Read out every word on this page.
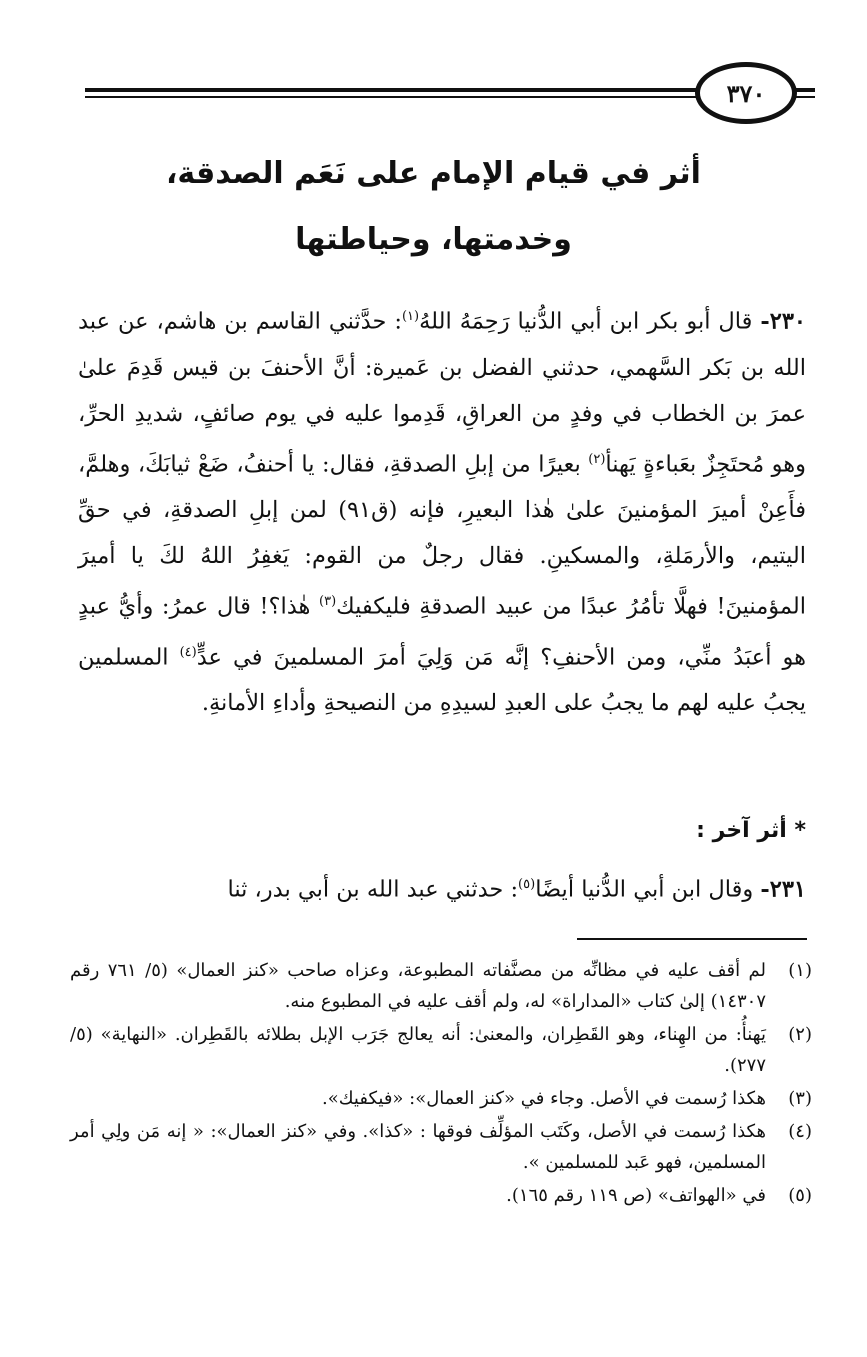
٣٧٠
أثر في قيام الإمام على نَعَم الصدقة،
وخدمتها، وحياطتها
٢٣٠- قال أبو بكر ابن أبي الدُّنيا رَحِمَهُ اللهُ$^{(١)}$: حدَّثني القاسم بن هاشم، عن عبد الله بن بَكر السَّهمي، حدثني الفضل بن عَميرة: أنَّ الأحنفَ بن قيس قَدِمَ علىٰ عمرَ بن الخطاب في وفدٍ من العراقِ، قَدِموا عليه في يوم صائفٍ، شديدِ الحرِّ، وهو مُحتَجِزٌ بعَباءةٍ يَهنأ$^{(٢)}$ بعيرًا من إبلِ الصدقةِ، فقال: يا أحنفُ، ضَعْ ثيابَكَ، وهلمَّ، فأَعِنْ أميرَ المؤمنينَ علىٰ هٰذا البعيرِ، فإنه (ق٩١) لمن إبلِ الصدقةِ، في حقِّ اليتيم، والأرمَلةِ، والمسكينِ. فقال رجلٌ من القوم: يَغفِرُ اللهُ لكَ يا أميرَ المؤمنينَ! فهلَّا تأمُرُ عبدًا من عبيد الصدقةِ فليكفيك$^{(٣)}$ هٰذا؟! قال عمرُ: وأيُّ عبدٍ هو أعبَدُ منِّي، ومن الأحنفِ؟ إنَّه مَن وَلِيَ أمرَ المسلمينَ في عدٍّ$^{(٤)}$ المسلمين يجبُ عليه لهم ما يجبُ على العبدِ لسيدِهِ من النصيحةِ وأداءِ الأمانةِ.
* أثر آخر :
٢٣١- وقال ابن أبي الدُّنيا أيضًا$^{(٥)}$: حدثني عبد الله بن أبي بدر، ثنا
(١)
لم أقف عليه في مظانِّه من مصنَّفاته المطبوعة، وعزاه صاحب «كنز العمال» (٥/ ٧٦١ رقم ١٤٣٠٧) إلىٰ كتاب «المداراة» له، ولم أقف عليه في المطبوع منه.
(٢)
يَهنأُ: من الهِناء، وهو القَطِران، والمعنىٰ: أنه يعالج جَرَب الإبل بطلائه بالقَطِران. «النهاية» (٥/ ٢٧٧).
(٣)
هكذا رُسمت في الأصل. وجاء في «كنز العمال»: «فيكفيك».
(٤)
هكذا رُسمت في الأصل، وكَتَب المؤلِّف فوقها : «كذا». وفي «كنز العمال»: « إنه مَن ولِي أمر المسلمين، فهو عَبد للمسلمين ».
(٥)
في «الهواتف» (ص ١١٩ رقم ١٦٥).
